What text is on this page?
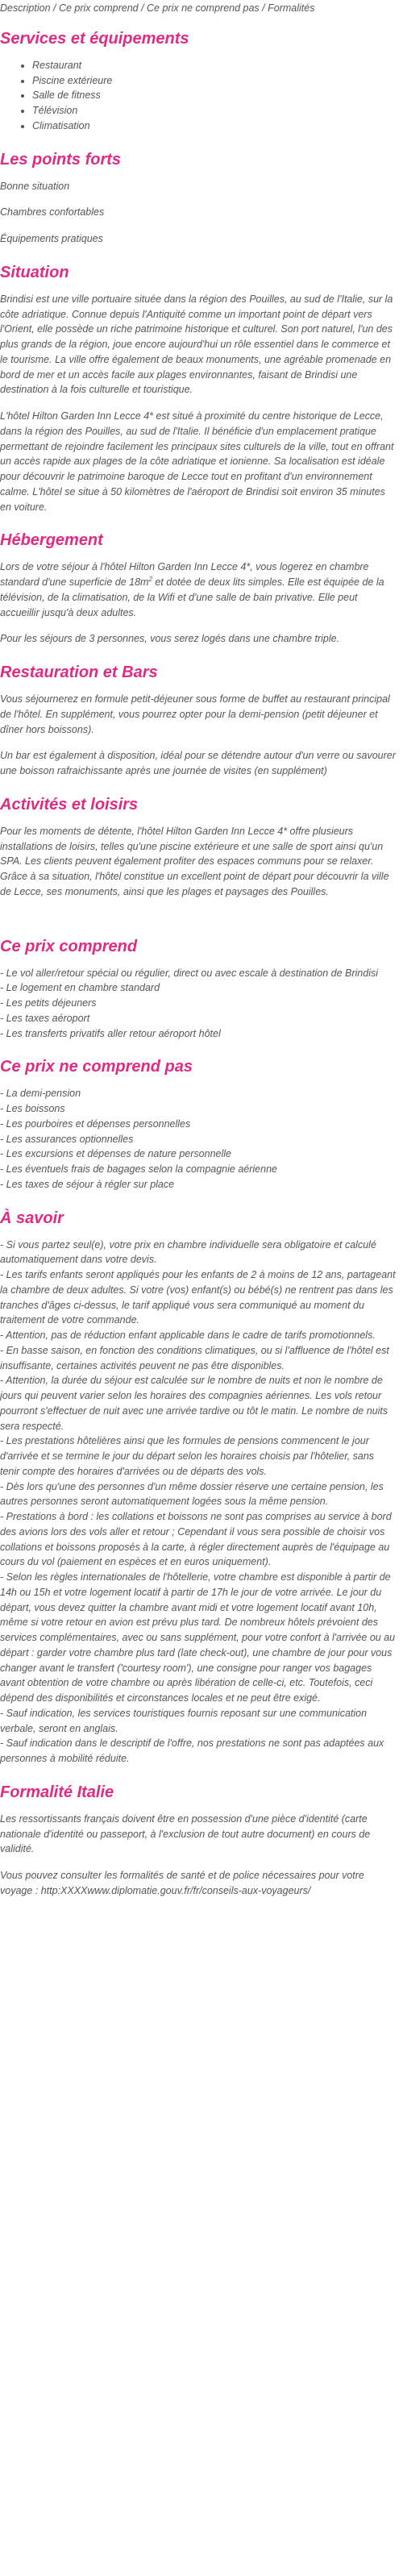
Description / Ce prix comprend / Ce prix ne comprend pas / Formalités
Services et équipements
• Restaurant
• Piscine extérieure
• Salle de fitness
• Télévision
• Climatisation
Les points forts

Bonne situation

Chambres confortables

Équipements pratiques

Situation

Brindisi est une ville portuaire située dans la région des Pouilles, au sud de l'Italie, sur la côte adriatique. Connue depuis l'Antiquité comme un important point de départ vers l'Orient, elle possède un riche patrimoine historique et culturel. Son port naturel, l'un des plus grands de la région, joue encore aujourd'hui un rôle essentiel dans le commerce et le tourisme. La ville offre également de beaux monuments, une agréable promenade en bord de mer et un accès facile aux plages environnantes, faisant de Brindisi une destination à la fois culturelle et touristique.

L'hôtel Hilton Garden Inn Lecce 4* est situé à proximité du centre historique de Lecce, dans la région des Pouilles, au sud de l'Italie. Il bénéficie d'un emplacement pratique permettant de rejoindre facilement les principaux sites culturels de la ville, tout en offrant un accès rapide aux plages de la côte adriatique et ionienne. Sa localisation est idéale pour découvrir le patrimoine baroque de Lecce tout en profitant d'un environnement calme. L'hôtel se situe à 50 kilomètres de l'aéroport de Brindisi soit environ 35 minutes en voiture.

Hébergement

Lors de votre séjour à l'hôtel Hilton Garden Inn Lecce 4*, vous logerez en chambre standard d'une superficie de $18m^2$ et dotée de deux lits simples. Elle est équipée de la télévision, de la climatisation, de la Wifi et d'une salle de bain privative. Elle peut accueillir jusqu'à deux adultes.

Pour les séjours de 3 personnes, vous serez logés dans une chambre triple.

Restauration et Bars

Vous séjournerez en formule petit-déjeuner sous forme de buffet au restaurant principal de l'hôtel. En supplément, vous pourrez opter pour la demi-pension (petit déjeuner et dîner hors boissons).

Un bar est également à disposition, idéal pour se détendre autour d'un verre ou savourer une boisson rafraichissante après une journée de visites (en supplément)

Activités et loisirs

Pour les moments de détente, l'hôtel Hilton Garden Inn Lecce 4* offre plusieurs installations de loisirs, telles qu'une piscine extérieure et une salle de sport ainsi qu'un SPA. Les clients peuvent également profiter des espaces communs pour se relaxer. Grâce à sa situation, l'hôtel constitue un excellent point de départ pour découvrir la ville de Lecce, ses monuments, ainsi que les plages et paysages des Pouilles.

Ce prix comprend

- Le vol aller/retour spécial ou régulier, direct ou avec escale à destination de Brindisi

- Le logement en chambre standard

- Les petits déjeuners

- Les taxes aéroport

- Les transferts privatifs aller retour aéroport hôtel

Ce prix ne comprend pas

- La demi-pension

- Les boissons

- Les pourboires et dépenses personnelles

- Les assurances optionnelles

- Les excursions et dépenses de nature personnelle

- Les éventuels frais de bagages selon la compagnie aérienne

- Les taxes de séjour à régler sur place

À savoir

- Si vous partez seul(e), votre prix en chambre individuelle sera obligatoire et calculé automatiquement dans votre devis.

- Les tarifs enfants seront appliqués pour les enfants de 2 à moins de 12 ans, partageant la chambre de deux adultes. Si votre (vos) enfant(s) ou bébé(s) ne rentrent pas dans les tranches d'âges ci-dessus, le tarif appliqué vous sera communiqué au moment du traitement de votre commande.

- Attention, pas de réduction enfant applicable dans le cadre de tarifs promotionnels.

- En basse saison, en fonction des conditions climatiques, ou si l'affluence de l'hôtel est insuffisante, certaines activités peuvent ne pas être disponibles.

- Attention, la durée du séjour est calculée sur le nombre de nuits et non le nombre de jours qui peuvent varier selon les horaires des compagnies aériennes. Les vols retour pourront s'effectuer de nuit avec une arrivée tardive ou tôt le matin. Le nombre de nuits sera respecté.

- Les prestations hôtelières ainsi que les formules de pensions commencent le jour d'arrivée et se termine le jour du départ selon les horaires choisis par l'hôtelier, sans tenir compte des horaires d'arrivées ou de départs des vols.

- Dès lors qu'une des personnes d'un même dossier réserve une certaine pension, les autres personnes seront automatiquement logées sous la même pension.

- Prestations à bord : les collations et boissons ne sont pas comprises au service à bord des avions lors des vols aller et retour ; Cependant il vous sera possible de choisir vos collations et boissons proposés à la carte, à régler directement auprès de l'équipage au cours du vol (paiement en espèces et en euros uniquement).

- Selon les règles internationales de l'hôtellerie, votre chambre est disponible à partir de 14h ou 15h et votre logement locatif à partir de 17h le jour de votre arrivée. Le jour du départ, vous devez quitter la chambre avant midi et votre logement locatif avant 10h, même si votre retour en avion est prévu plus tard. De nombreux hôtels prévoient des services complémentaires, avec ou sans supplément, pour votre confort à l'arrivée ou au départ : garder votre chambre plus tard (late check-out), une chambre de jour pour vous changer avant le transfert ('courtesy room'), une consigne pour ranger vos bagages avant obtention de votre chambre ou après libération de celle-ci, etc. Toutefois, ceci dépend des disponibilités et circonstances locales et ne peut être exigé.

- Sauf indication, les services touristiques fournis reposant sur une communication verbale, seront en anglais.

- Sauf indication dans le descriptif de l'offre, nos prestations ne sont pas adaptées aux personnes à mobilité réduite.

Formalité Italie

Les ressortissants français doivent être en possession d'une pièce d'identité (carte nationale d'identité ou passeport, à l'exclusion de tout autre document) en cours de validité.

Vous pouvez consulter les formalités de santé et de police nécessaires pour votre voyage : http:XXXXwww.diplomatie.gouv.fr/fr/conseils-aux-voyageurs/
